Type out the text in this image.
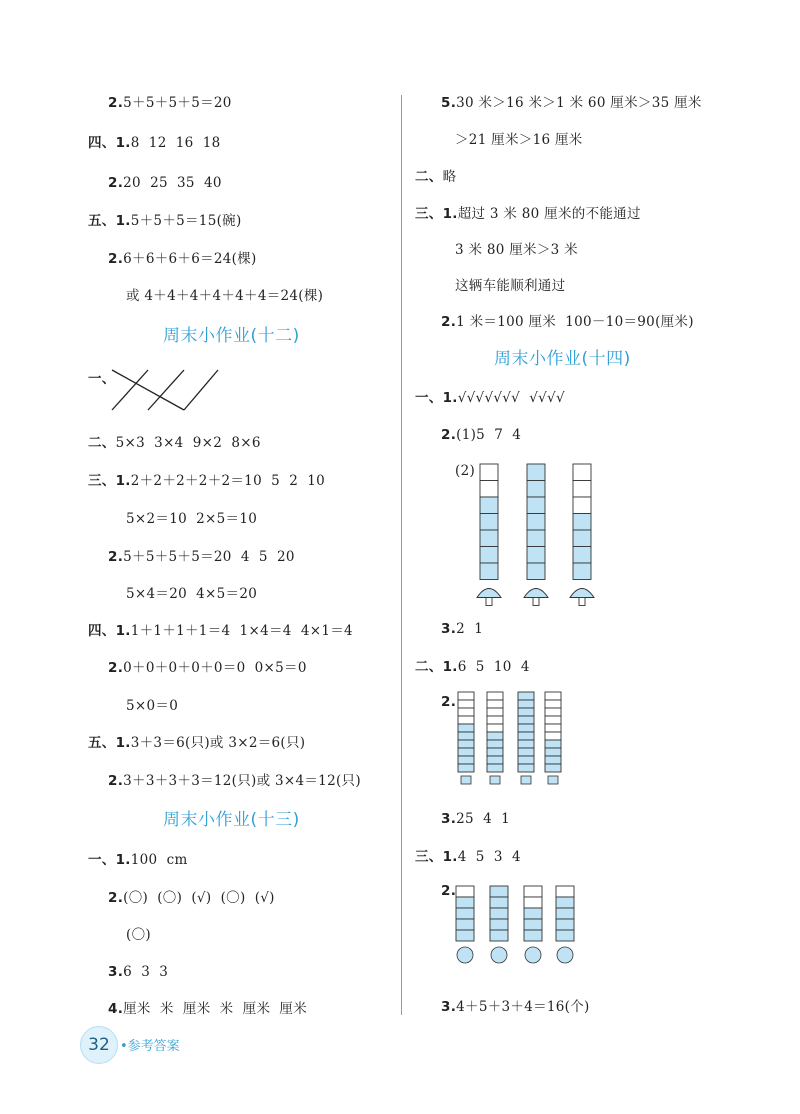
2.5＋5＋5＋5＝20
四、1.8  12  16  18
2.20  25  35  40
五、1.5＋5＋5＝15(碗)
2.6＋6＋6＋6＝24(棵)
或 4＋4＋4＋4＋4＋4＝24(棵)
周末小作业(十二)
一、
二、5×3  3×4  9×2  8×6
三、1.2＋2＋2＋2＋2＝10  5  2  10
5×2＝10  2×5＝10
2.5＋5＋5＋5＝20  4  5  20
5×4＝20  4×5＝20
四、1.1＋1＋1＋1＝4  1×4＝4  4×1＝4
2.0＋0＋0＋0＋0＝0  0×5＝0
5×0＝0
五、1.3＋3＝6(只)或 3×2＝6(只)
2.3＋3＋3＋3＝12(只)或 3×4＝12(只)
周末小作业(十三)
一、1.100  cm
2.(〇)  (〇)  (√)  (〇)  (√)
(〇)
3.6  3  3
4.厘米  米  厘米  米  厘米  厘米
5.30 米＞16 米＞1 米 60 厘米＞35 厘米
＞21 厘米＞16 厘米
二、略
三、1.超过 3 米 80 厘米的不能通过
3 米 80 厘米＞3 米
这辆车能顺利通过
2.1 米＝100 厘米  100－10＝90(厘米)
周末小作业(十四)
一、1.√√√√√√√  √√√√
2.(1)5  7  4
(2)
3.2  1
二、1.6  5  10  4
2.
3.25  4  1
三、1.4  5  3  4
2.
3.4＋5＋3＋4＝16(个)
32 •参考答案
